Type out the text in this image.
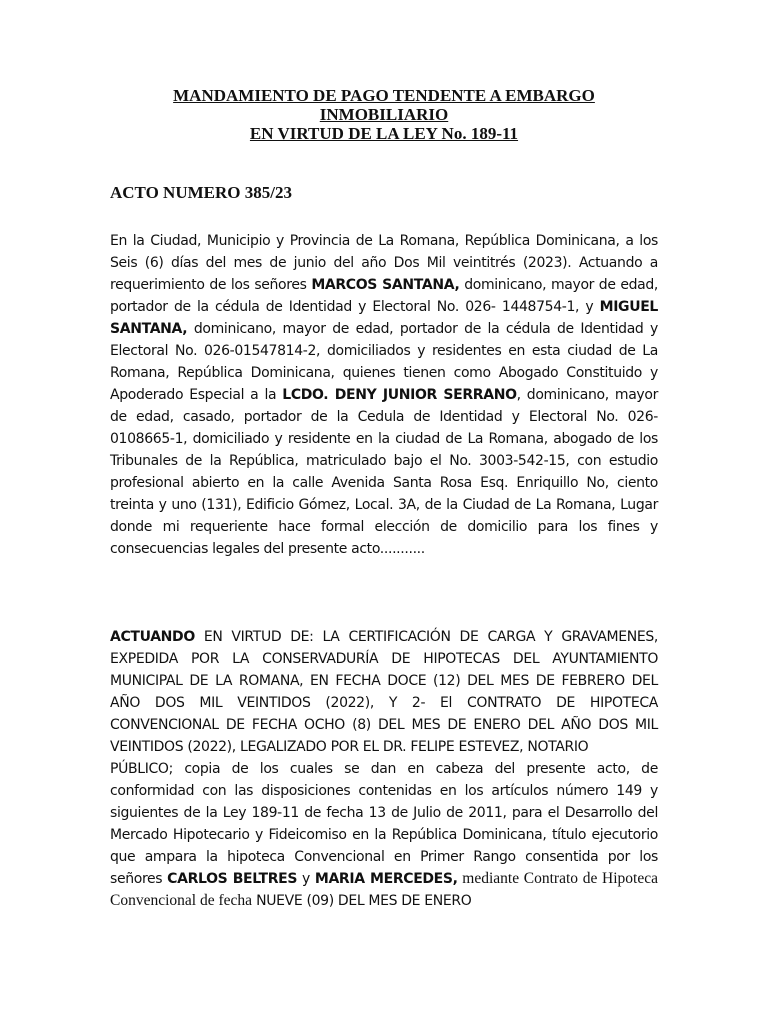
MANDAMIENTO DE PAGO TENDENTE A EMBARGO
INMOBILIARIO
EN VIRTUD DE LA LEY No. 189-11
ACTO NUMERO 385/23
En la Ciudad, Municipio y Provincia de La Romana, República Dominicana, a los Seis (6) días del mes de junio del año Dos Mil veintitrés (2023). Actuando a requerimiento de los señores MARCOS SANTANA, dominicano, mayor de edad, portador de la cédula de Identidad y Electoral No. 026- 1448754-1, y MIGUEL SANTANA, dominicano, mayor de edad, portador de la cédula de Identidad y Electoral No. 026-01547814-2, domiciliados y residentes en esta ciudad de La Romana, República Dominicana, quienes tienen como Abogado Constituido y Apoderado Especial a la LCDO. DENY JUNIOR SERRANO, dominicano, mayor de edad, casado, portador de la Cedula de Identidad y Electoral No. 026-0108665-1, domiciliado y residente en la ciudad de La Romana, abogado de los Tribunales de la República, matriculado bajo el No. 3003-542-15, con estudio profesional abierto en la calle Avenida Santa Rosa Esq. Enriquillo No, ciento treinta y uno (131), Edificio Gómez, Local. 3A, de la Ciudad de La Romana, Lugar donde mi requeriente hace formal elección de domicilio para los fines y consecuencias legales del presente acto...........
ACTUANDO EN VIRTUD DE: LA CERTIFICACIÓN DE CARGA Y GRAVAMENES, EXPEDIDA POR LA CONSERVADURÍA DE HIPOTECAS DEL AYUNTAMIENTO MUNICIPAL DE LA ROMANA, EN FECHA DOCE (12) DEL MES DE FEBRERO DEL AÑO DOS MIL VEINTIDOS (2022), Y 2- El CONTRATO DE HIPOTECA CONVENCIONAL DE FECHA OCHO (8) DEL MES DE ENERO DEL AÑO DOS MIL VEINTIDOS (2022), LEGALIZADO POR EL DR. FELIPE ESTEVEZ, NOTARIO
PÚBLICO; copia de los cuales se dan en cabeza del presente acto, de conformidad con las disposiciones contenidas en los artículos número 149 y siguientes de la Ley 189-11 de fecha 13 de Julio de 2011, para el Desarrollo del Mercado Hipotecario y Fideicomiso en la República Dominicana, título ejecutorio que ampara la hipoteca Convencional en Primer Rango consentida por los señores CARLOS BELTRES y MARIA MERCEDES, mediante Contrato de Hipoteca Convencional de fecha NUEVE (09) DEL MES DE ENERO
